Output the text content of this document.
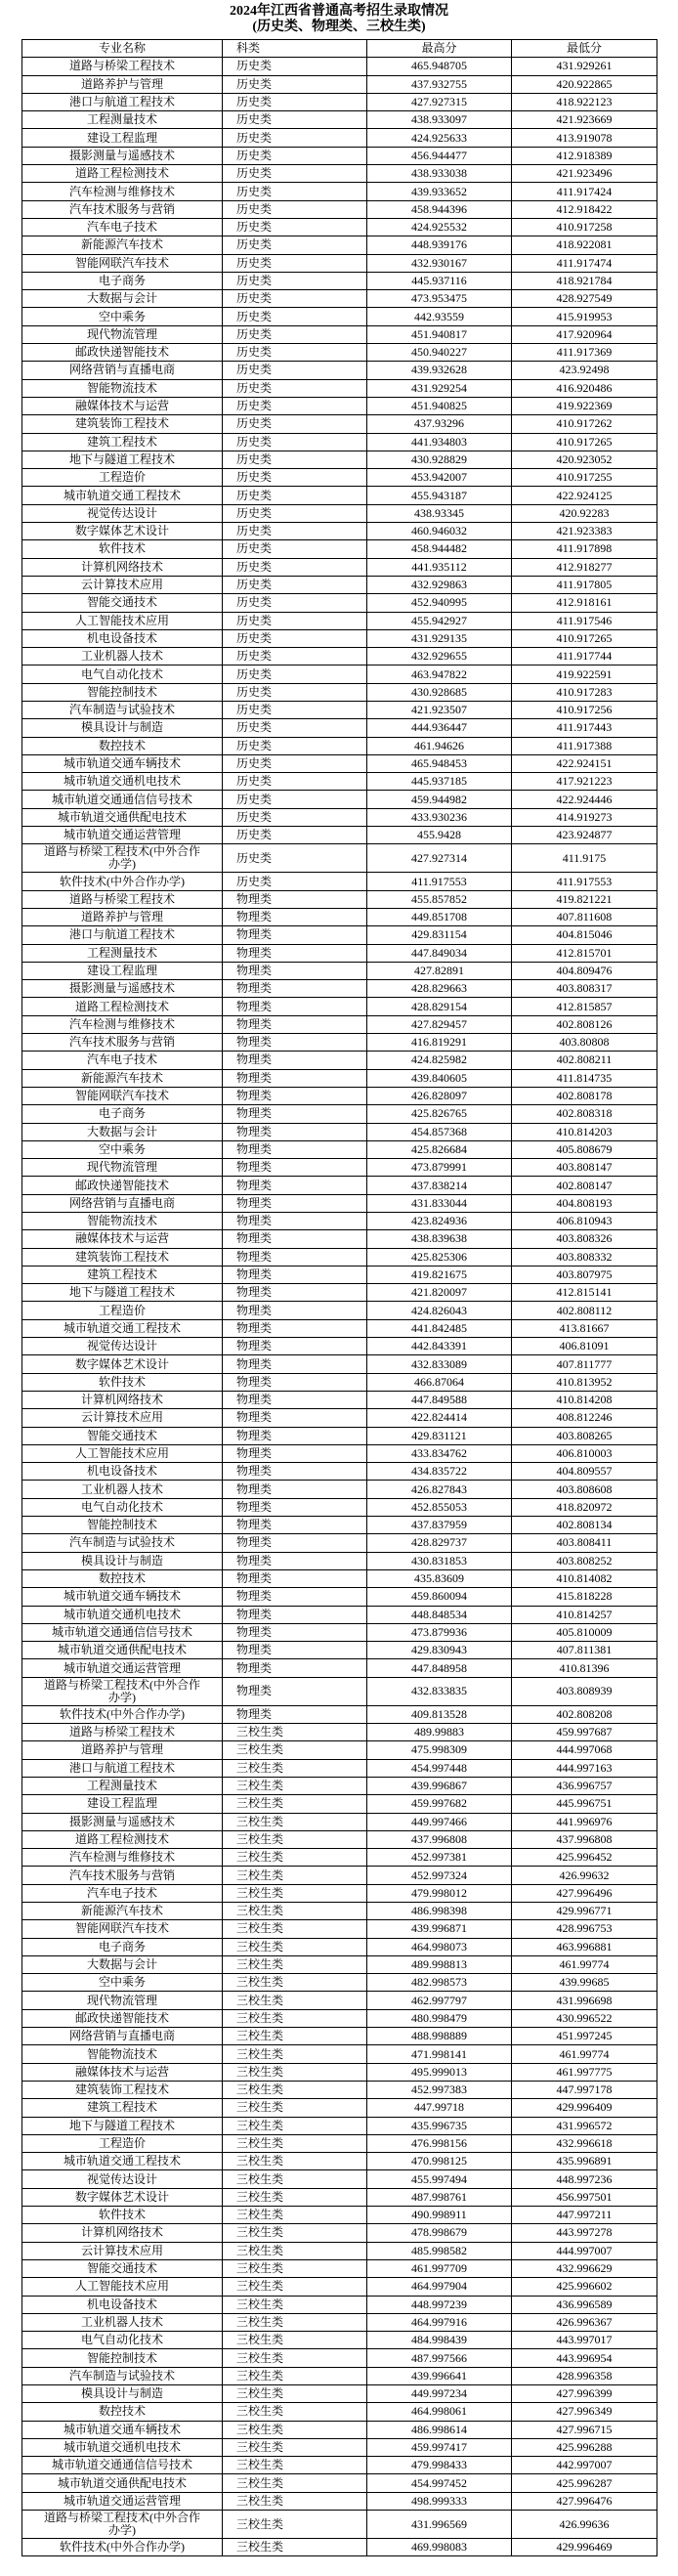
2024年江西省普通高考招生录取情况
(历史类、物理类、三校生类)
专业名称	科类	最高分	最低分
道路与桥梁工程技术	历史类	465.948705	431.929261
道路养护与管理	历史类	437.932755	420.922865
港口与航道工程技术	历史类	427.927315	418.922123
工程测量技术	历史类	438.933097	421.923669
建设工程监理	历史类	424.925633	413.919078
摄影测量与遥感技术	历史类	456.944477	412.918389
道路工程检测技术	历史类	438.933038	421.923496
汽车检测与维修技术	历史类	439.933652	411.917424
汽车技术服务与营销	历史类	458.944396	412.918422
汽车电子技术	历史类	424.925532	410.917258
新能源汽车技术	历史类	448.939176	418.922081
智能网联汽车技术	历史类	432.930167	411.917474
电子商务	历史类	445.937116	418.921784
大数据与会计	历史类	473.953475	428.927549
空中乘务	历史类	442.93559	415.919953
现代物流管理	历史类	451.940817	417.920964
邮政快递智能技术	历史类	450.940227	411.917369
网络营销与直播电商	历史类	439.932628	423.92498
智能物流技术	历史类	431.929254	416.920486
融媒体技术与运营	历史类	451.940825	419.922369
建筑装饰工程技术	历史类	437.93296	410.917262
建筑工程技术	历史类	441.934803	410.917265
地下与隧道工程技术	历史类	430.928829	420.923052
工程造价	历史类	453.942007	410.917255
城市轨道交通工程技术	历史类	455.943187	422.924125
视觉传达设计	历史类	438.93345	420.92283
数字媒体艺术设计	历史类	460.946032	421.923383
软件技术	历史类	458.944482	411.917898
计算机网络技术	历史类	441.935112	412.918277
云计算技术应用	历史类	432.929863	411.917805
智能交通技术	历史类	452.940995	412.918161
人工智能技术应用	历史类	455.942927	411.917546
机电设备技术	历史类	431.929135	410.917265
工业机器人技术	历史类	432.929655	411.917744
电气自动化技术	历史类	463.947822	419.922591
智能控制技术	历史类	430.928685	410.917283
汽车制造与试验技术	历史类	421.923507	410.917256
模具设计与制造	历史类	444.936447	411.917443
数控技术	历史类	461.94626	411.917388
城市轨道交通车辆技术	历史类	465.948453	422.924151
城市轨道交通机电技术	历史类	445.937185	417.921223
城市轨道交通通信信号技术	历史类	459.944982	422.924446
城市轨道交通供配电技术	历史类	433.930236	414.919273
城市轨道交通运营管理	历史类	455.9428	423.924877
道路与桥梁工程技术(中外合作办学)	历史类	427.927314	411.9175
软件技术(中外合作办学)	历史类	411.917553	411.917553
道路与桥梁工程技术	物理类	455.857852	419.821221
道路养护与管理	物理类	449.851708	407.811608
港口与航道工程技术	物理类	429.831154	404.815046
工程测量技术	物理类	447.849034	412.815701
建设工程监理	物理类	427.82891	404.809476
摄影测量与遥感技术	物理类	428.829663	403.808317
道路工程检测技术	物理类	428.829154	412.815857
汽车检测与维修技术	物理类	427.829457	402.808126
汽车技术服务与营销	物理类	416.819291	403.80808
汽车电子技术	物理类	424.825982	402.808211
新能源汽车技术	物理类	439.840605	411.814735
智能网联汽车技术	物理类	426.828097	402.808178
电子商务	物理类	425.826765	402.808318
大数据与会计	物理类	454.857368	410.814203
空中乘务	物理类	425.826684	405.808679
现代物流管理	物理类	473.879991	403.808147
邮政快递智能技术	物理类	437.838214	402.808147
网络营销与直播电商	物理类	431.833044	404.808193
智能物流技术	物理类	423.824936	406.810943
融媒体技术与运营	物理类	438.839638	403.808326
建筑装饰工程技术	物理类	425.825306	403.808332
建筑工程技术	物理类	419.821675	403.807975
地下与隧道工程技术	物理类	421.820097	412.815141
工程造价	物理类	424.826043	402.808112
城市轨道交通工程技术	物理类	441.842485	413.81667
视觉传达设计	物理类	442.843391	406.81091
数字媒体艺术设计	物理类	432.833089	407.811777
软件技术	物理类	466.87064	410.813952
计算机网络技术	物理类	447.849588	410.814208
云计算技术应用	物理类	422.824414	408.812246
智能交通技术	物理类	429.831121	403.808265
人工智能技术应用	物理类	433.834762	406.810003
机电设备技术	物理类	434.835722	404.809557
工业机器人技术	物理类	426.827843	403.808608
电气自动化技术	物理类	452.855053	418.820972
智能控制技术	物理类	437.837959	402.808134
汽车制造与试验技术	物理类	428.829737	403.808411
模具设计与制造	物理类	430.831853	403.808252
数控技术	物理类	435.83609	410.814082
城市轨道交通车辆技术	物理类	459.860094	415.818228
城市轨道交通机电技术	物理类	448.848534	410.814257
城市轨道交通通信信号技术	物理类	473.879936	405.810009
城市轨道交通供配电技术	物理类	429.830943	407.811381
城市轨道交通运营管理	物理类	447.848958	410.81396
道路与桥梁工程技术(中外合作办学)	物理类	432.833835	403.808939
软件技术(中外合作办学)	物理类	409.813528	402.808208
道路与桥梁工程技术	三校生类	489.99883	459.997687
道路养护与管理	三校生类	475.998309	444.997068
港口与航道工程技术	三校生类	454.997448	444.997163
工程测量技术	三校生类	439.996867	436.996757
建设工程监理	三校生类	459.997682	445.996751
摄影测量与遥感技术	三校生类	449.997466	441.996976
道路工程检测技术	三校生类	437.996808	437.996808
汽车检测与维修技术	三校生类	452.997381	425.996452
汽车技术服务与营销	三校生类	452.997324	426.99632
汽车电子技术	三校生类	479.998012	427.996496
新能源汽车技术	三校生类	486.998398	429.996771
智能网联汽车技术	三校生类	439.996871	428.996753
电子商务	三校生类	464.998073	463.996881
大数据与会计	三校生类	489.998813	461.99774
空中乘务	三校生类	482.998573	439.99685
现代物流管理	三校生类	462.997797	431.996698
邮政快递智能技术	三校生类	480.998479	430.996522
网络营销与直播电商	三校生类	488.998889	451.997245
智能物流技术	三校生类	471.998141	461.99774
融媒体技术与运营	三校生类	495.999013	461.997775
建筑装饰工程技术	三校生类	452.997383	447.997178
建筑工程技术	三校生类	447.99718	429.996409
地下与隧道工程技术	三校生类	435.996735	431.996572
工程造价	三校生类	476.998156	432.996618
城市轨道交通工程技术	三校生类	470.998125	435.996891
视觉传达设计	三校生类	455.997494	448.997236
数字媒体艺术设计	三校生类	487.998761	456.997501
软件技术	三校生类	490.998911	447.997211
计算机网络技术	三校生类	478.998679	443.997278
云计算技术应用	三校生类	485.998582	444.997007
智能交通技术	三校生类	461.997709	432.996629
人工智能技术应用	三校生类	464.997904	425.996602
机电设备技术	三校生类	448.997239	436.996589
工业机器人技术	三校生类	464.997916	426.996367
电气自动化技术	三校生类	484.998439	443.997017
智能控制技术	三校生类	487.997566	443.996954
汽车制造与试验技术	三校生类	439.996641	428.996358
模具设计与制造	三校生类	449.997234	427.996399
数控技术	三校生类	464.998061	427.996349
城市轨道交通车辆技术	三校生类	486.998614	427.996715
城市轨道交通机电技术	三校生类	459.997417	425.996288
城市轨道交通通信信号技术	三校生类	479.998433	442.997007
城市轨道交通供配电技术	三校生类	454.997452	425.996287
城市轨道交通运营管理	三校生类	498.999333	427.996476
道路与桥梁工程技术(中外合作办学)	三校生类	431.996569	426.99636
软件技术(中外合作办学)	三校生类	469.998083	429.996469
